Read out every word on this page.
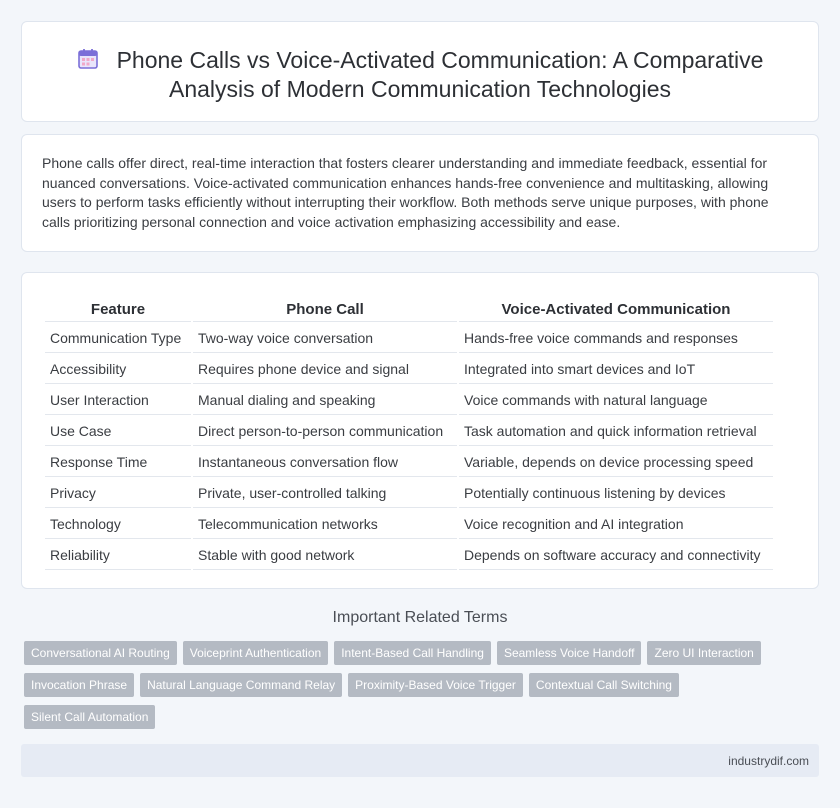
Phone Calls vs Voice-Activated Communication: A Comparative
Analysis of Modern Communication Technologies

Phone calls offer direct, real-time interaction that fosters clearer understanding and immediate feedback, essential for nuanced conversations. Voice-activated communication enhances hands-free convenience and multitasking, allowing users to perform tasks efficiently without interrupting their workflow. Both methods serve unique purposes, with phone calls prioritizing personal connection and voice activation emphasizing accessibility and ease.

Feature	Phone Call	Voice-Activated Communication
Communication Type	Two-way voice conversation	Hands-free voice commands and responses
Accessibility	Requires phone device and signal	Integrated into smart devices and IoT
User Interaction	Manual dialing and speaking	Voice commands with natural language
Use Case	Direct person-to-person communication	Task automation and quick information retrieval
Response Time	Instantaneous conversation flow	Variable, depends on device processing speed
Privacy	Private, user-controlled talking	Potentially continuous listening by devices
Technology	Telecommunication networks	Voice recognition and AI integration
Reliability	Stable with good network	Depends on software accuracy and connectivity
Important Related Terms
Conversational AI Routing	Voiceprint Authentication	Intent-Based Call Handling	Seamless Voice Handoff	Zero UI Interaction
Invocation Phrase	Natural Language Command Relay	Proximity-Based Voice Trigger	Contextual Call Switching
Silent Call Automation
industrydif.com
